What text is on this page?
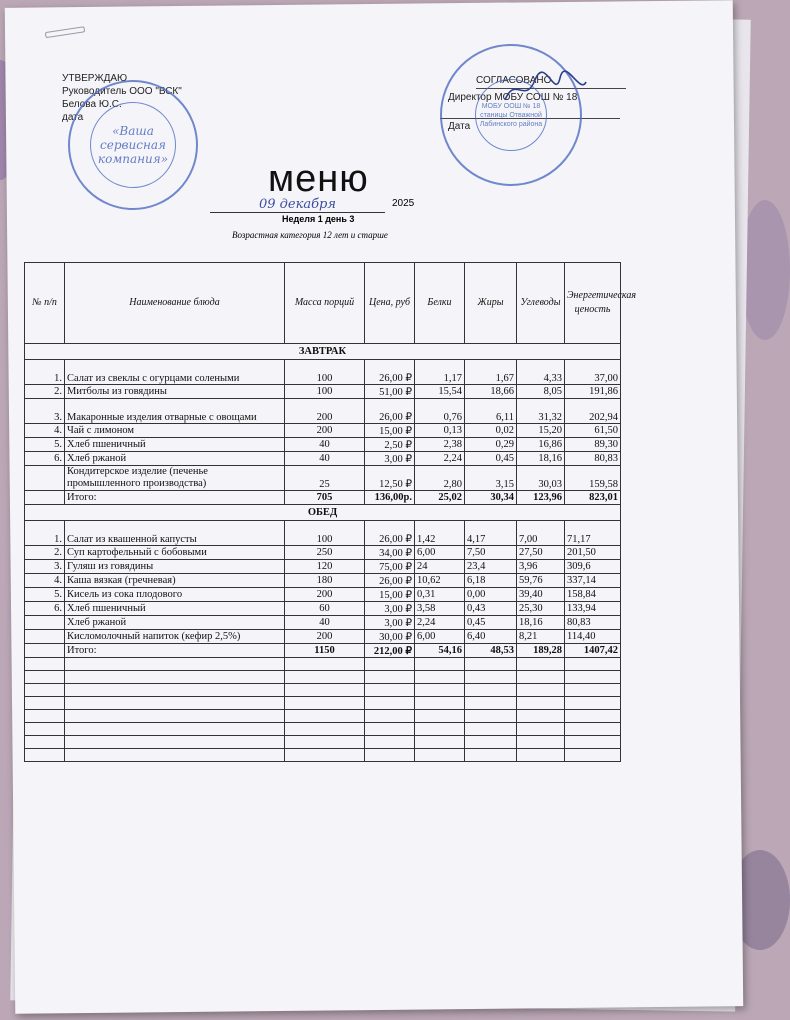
УТВЕРЖДАЮ
Руководитель ООО "ВСК"
Белова Ю.С.
дата
«Ваша сервисная компания»
СОГЛАСОВАНО
Директор МОБУ СОШ № 18
Дата
МОБУ ООШ № 18 станицы Отважной Лабинского района
меню
09 декабря	2025
Неделя 1 день 3
Возрастная категория 12 лет и старше
№ п/п	Наименование блюда	Масса порций	Цена, руб	Белки	Жиры	Углеводы	Энергетическая ценость
ЗАВТРАК							
1.	Салат из свеклы с огурцами солеными	100	26,00 ₽	1,17	1,67	4,33	37,00
2.	Митболы из говядины	100	51,00 ₽	15,54	18,66	8,05	191,86
3.	Макаронные изделия отварные с овощами	200	26,00 ₽	0,76	6,11	31,32	202,94
4.	Чай с лимоном	200	15,00 ₽	0,13	0,02	15,20	61,50
5.	Хлеб пшеничный	40	2,50 ₽	2,38	0,29	16,86	89,30
6.	Хлеб ржаной	40	3,00 ₽	2,24	0,45	18,16	80,83
	Кондитерское изделие (печенье промышленного производства)	25	12,50 ₽	2,80	3,15	30,03	159,58
	Итого:	705	136,00р.	25,02	30,34	123,96	823,01
ОБЕД							
1.	Салат из квашенной капусты	100	26,00 ₽	1,42	4,17	7,00	71,17
2.	Суп картофельный с бобовыми	250	34,00 ₽	6,00	7,50	27,50	201,50
3.	Гуляш из говядины	120	75,00 ₽	24	23,4	3,96	309,6
4.	Каша вязкая (гречневая)	180	26,00 ₽	10,62	6,18	59,76	337,14
5.	Кисель из сока плодового	200	15,00 ₽	0,31	0,00	39,40	158,84
6.	Хлеб пшеничный	60	3,00 ₽	3,58	0,43	25,30	133,94
	Хлеб ржаной	40	3,00 ₽	2,24	0,45	18,16	80,83
	Кисломолочный напиток (кефир 2,5%)	200	30,00 ₽	6,00	6,40	8,21	114,40
	Итого:	1150	212,00 ₽	54,16	48,53	189,28	1407,42
